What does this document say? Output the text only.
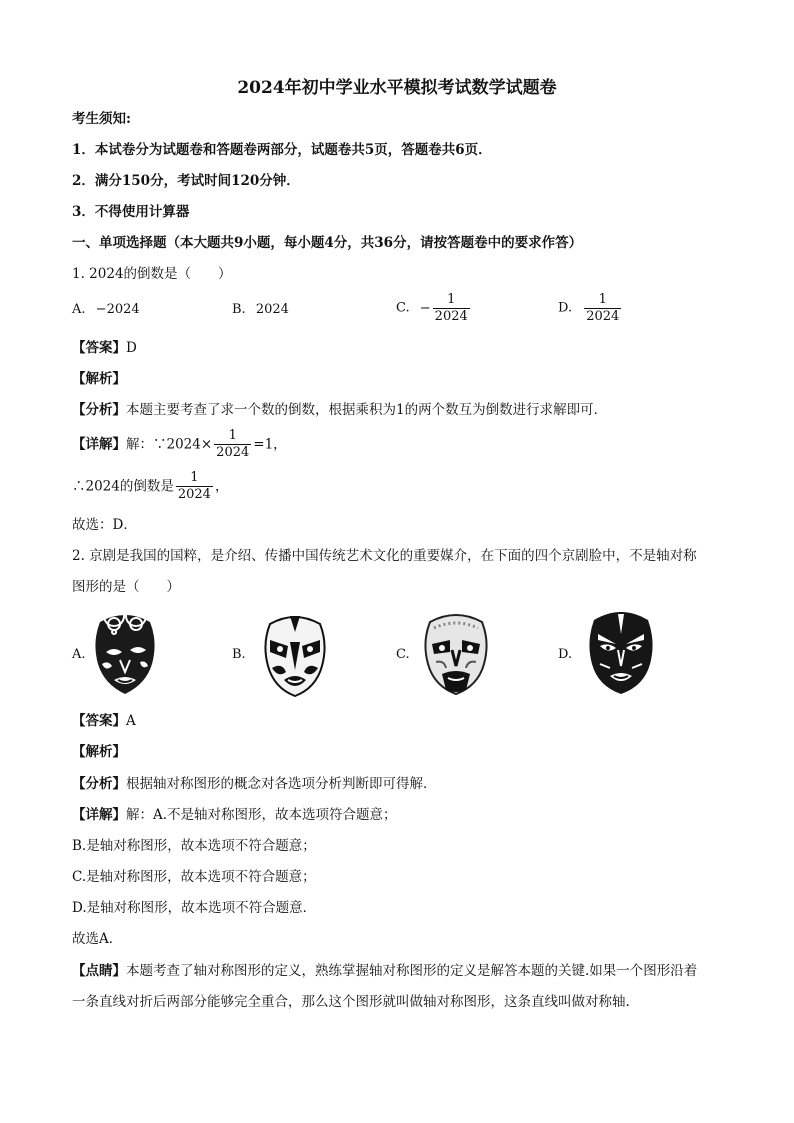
2024年初中学业水平模拟考试数学试题卷
考生须知:
1．本试卷分为试题卷和答题卷两部分，试题卷共5页，答题卷共6页．
2．满分150分，考试时间120分钟．
3．不得使用计算器
一、单项选择题（本大题共9小题，每小题4分，共36分，请按答题卷中的要求作答）
1. 2024的倒数是（　　）
A. −2024	B. 2024	C. − $\frac{1}{2024}$	D. $\frac{1}{2024}$
【答案】D
【解析】
【分析】本题主要考查了求一个数的倒数，根据乘积为1的两个数互为倒数进行求解即可．
【详解】解：∵2024× $\frac{1}{2024} =1$，
∴2024的倒数是 $\frac{1}{2024}$ ，
故选：D．
2. 京剧是我国的国粹，是介绍、传播中国传统艺术文化的重要媒介，在下面的四个京剧脸中，不是轴对称
图形的是（　　）
A.	B.	C.	D.
【答案】A
【解析】
【分析】根据轴对称图形的概念对各选项分析判断即可得解．
【详解】解：A.不是轴对称图形，故本选项符合题意；
B.是轴对称图形，故本选项不符合题意；
C.是轴对称图形，故本选项不符合题意；
D.是轴对称图形，故本选项不符合题意．
故选A．
【点睛】本题考查了轴对称图形的定义，熟练掌握轴对称图形的定义是解答本题的关键.如果一个图形沿着
一条直线对折后两部分能够完全重合，那么这个图形就叫做轴对称图形，这条直线叫做对称轴.
